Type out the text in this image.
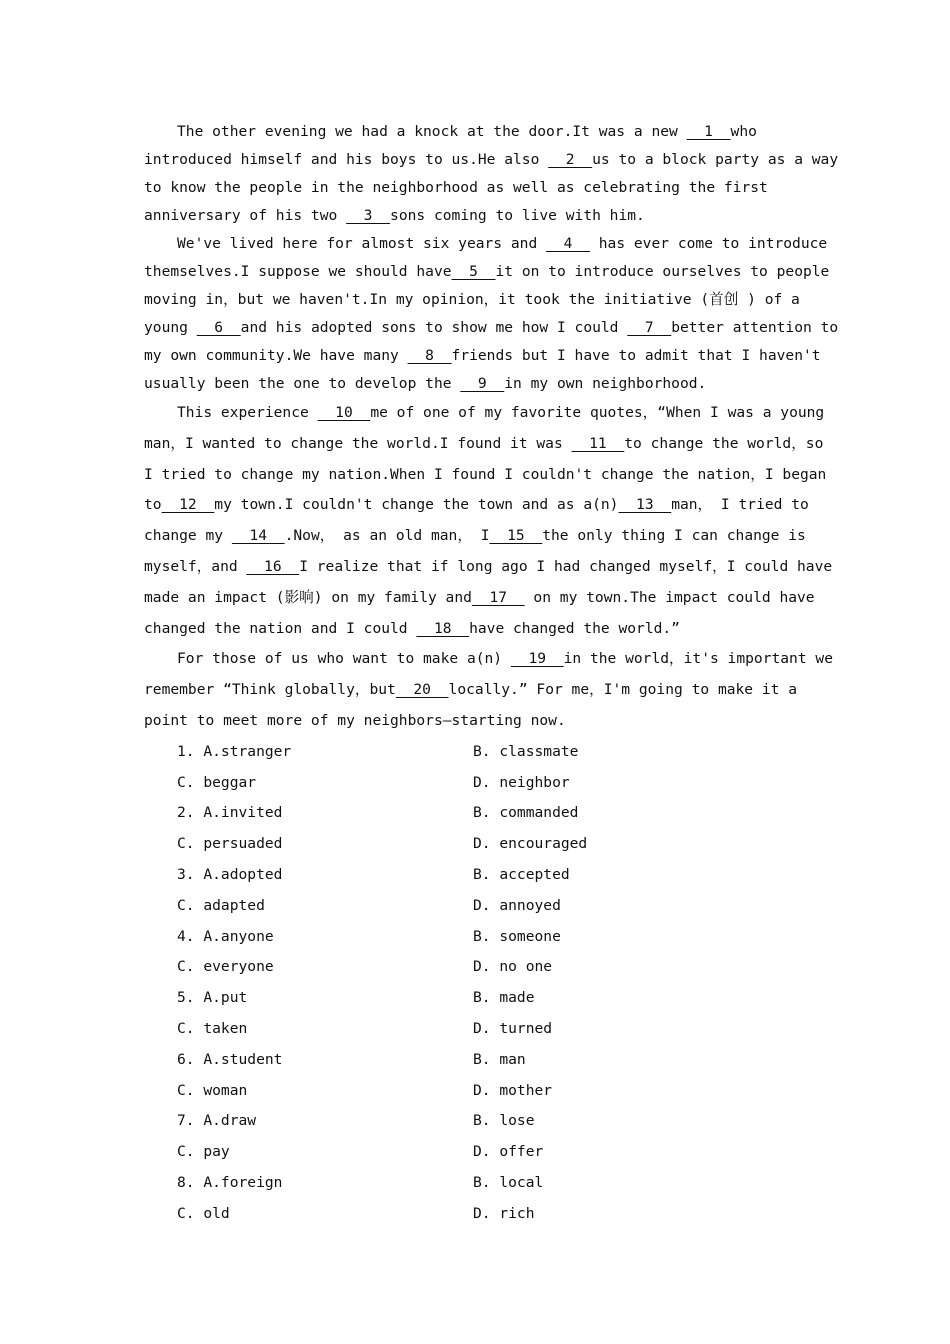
The other evening we had a knock at the door.It was a new   1  who
introduced himself and his boys to us.He also   2  us to a block party as a way
to know the people in the neighborhood as well as celebrating the first
anniversary of his two   3  sons coming to live with him.
We've lived here for almost six years and   4   has ever come to introduce
themselves.I suppose we should have  5  it on to introduce ourselves to people
moving in，but we haven't.In my opinion，it took the initiative (首创 ) of a
young   6  and his adopted sons to show me how I could   7  better attention to
my own community.We have many   8  friends but I have to admit that I haven't
usually been the one to develop the   9  in my own neighborhood.
This experience   10  me of one of my favorite quotes，“When I was a young
man，I wanted to change the world.I found it was   11  to change the world，so
I tried to change my nation.When I found I couldn't change the nation，I began
to  12  my town.I couldn't change the town and as a(n)  13  man， I tried to
change my   14  .Now， as an old man， I  15  the only thing I can change is
myself，and   16  I realize that if long ago I had changed myself，I could have
made an impact (影响) on my family and  17   on my town.The impact could have
changed the nation and I could   18  have changed the world.”
For those of us who want to make a(n)   19  in the world，it's important we
remember “Think globally，but  20  locally.” For me，I'm going to make it a
point to meet more of my neighbors—starting now.
1. A.stranger	B. classmate
C. beggar	D. neighbor
2. A.invited	B. commanded
C. persuaded	D. encouraged
3. A.adopted	B. accepted
C. adapted	D. annoyed
4. A.anyone	B. someone
C. everyone	D. no one
5. A.put	B. made
C. taken	D. turned
6. A.student	B. man
C. woman	D. mother
7. A.draw	B. lose
C. pay	D. offer
8. A.foreign	B. local
C. old	D. rich
